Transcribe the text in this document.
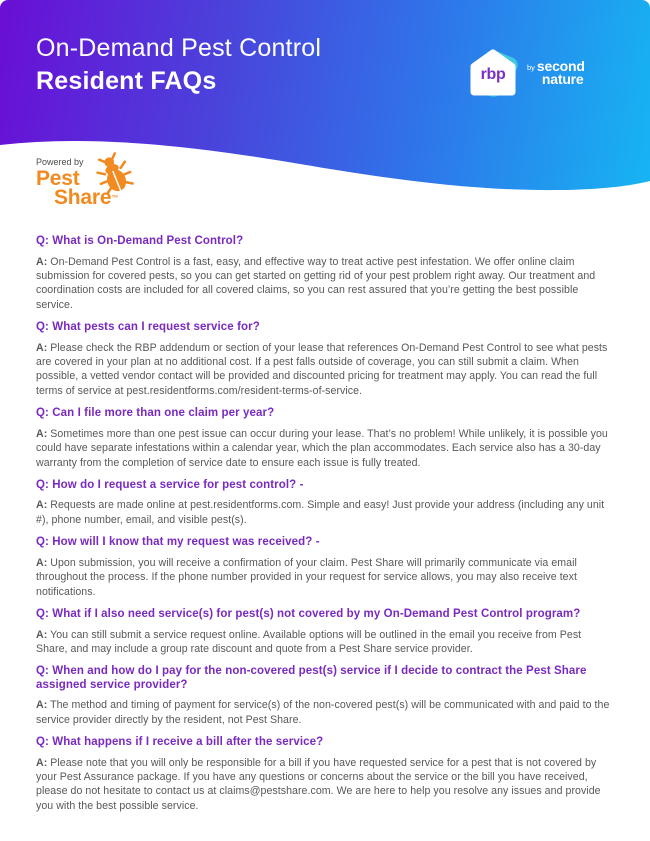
On-Demand Pest Control
Resident FAQs	rbp	by second
nature
Powered by
Pest
Share™
Q: What is On-Demand Pest Control?

A: On-Demand Pest Control is a fast, easy, and effective way to treat active pest infestation. We offer online claim submission for covered pests, so you can get started on getting rid of your pest problem right away. Our treatment and coordination costs are included for all covered claims, so you can rest assured that you’re getting the best possible service.

Q: What pests can I request service for?

A: Please check the RBP addendum or section of your lease that references On-Demand Pest Control to see what pests are covered in your plan at no additional cost. If a pest falls outside of coverage, you can still submit a claim. When possible, a vetted vendor contact will be provided and discounted pricing for treatment may apply. You can read the full terms of service at pest.residentforms.com/resident-terms-of-service.

Q: Can I file more than one claim per year?

A: Sometimes more than one pest issue can occur during your lease. That’s no problem! While unlikely, it is possible you could have separate infestations within a calendar year, which the plan accommodates. Each service also has a 30-day warranty from the completion of service date to ensure each issue is fully treated.

Q: How do I request a service for pest control? -

A: Requests are made online at pest.residentforms.com. Simple and easy! Just provide your address (including any unit #), phone number, email, and visible pest(s).

Q: How will I know that my request was received? -

A: Upon submission, you will receive a confirmation of your claim. Pest Share will primarily communicate via email throughout the process. If the phone number provided in your request for service allows, you may also receive text notifications.

Q: What if I also need service(s) for pest(s) not covered by my On-Demand Pest Control program?

A: You can still submit a service request online. Available options will be outlined in the email you receive from Pest Share, and may include a group rate discount and quote from a Pest Share service provider.

Q: When and how do I pay for the non-covered pest(s) service if I decide to contract the Pest Share assigned service provider?

A: The method and timing of payment for service(s) of the non-covered pest(s) will be communicated with and paid to the service provider directly by the resident, not Pest Share.

Q: What happens if I receive a bill after the service?

A: Please note that you will only be responsible for a bill if you have requested service for a pest that is not covered by your Pest Assurance package. If you have any questions or concerns about the service or the bill you have received, please do not hesitate to contact us at claims@pestshare.com. We are here to help you resolve any issues and provide you with the best possible service.
